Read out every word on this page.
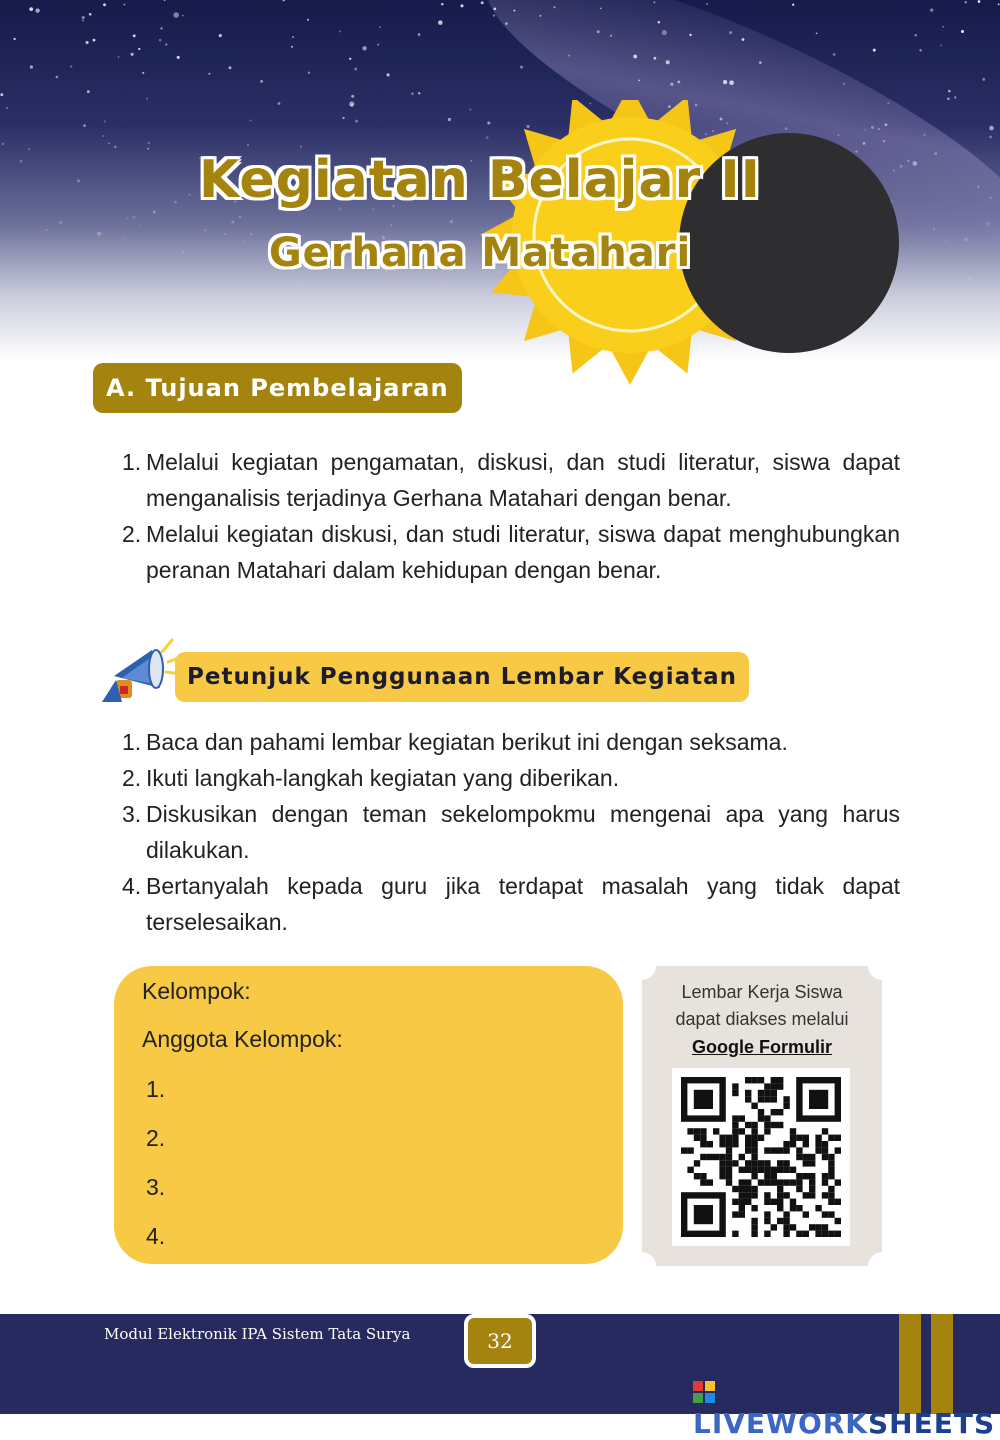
Kegiatan Belajar II
Gerhana Matahari
A. Tujuan Pembelajaran
1. Melalui kegiatan pengamatan, diskusi, dan studi literatur, siswa dapat menganalisis terjadinya Gerhana Matahari dengan benar.
2. Melalui kegiatan diskusi, dan studi literatur, siswa dapat menghubungkan peranan Matahari dalam kehidupan dengan benar.
Petunjuk Penggunaan Lembar Kegiatan
1. Baca dan pahami lembar kegiatan berikut ini dengan seksama.
2. Ikuti langkah-langkah kegiatan yang diberikan.
3. Diskusikan dengan teman sekelompokmu mengenai apa yang harus dilakukan.
4. Bertanyalah kepada guru jika terdapat masalah yang tidak dapat terselesaikan.
Kelompok:
Anggota Kelompok:
1.
2.
3.
4.
Lembar Kerja Siswa
dapat diakses melalui
Google Formulir
Modul Elektronik IPA Sistem Tata Surya	32
LIVEWORKSHEETS
